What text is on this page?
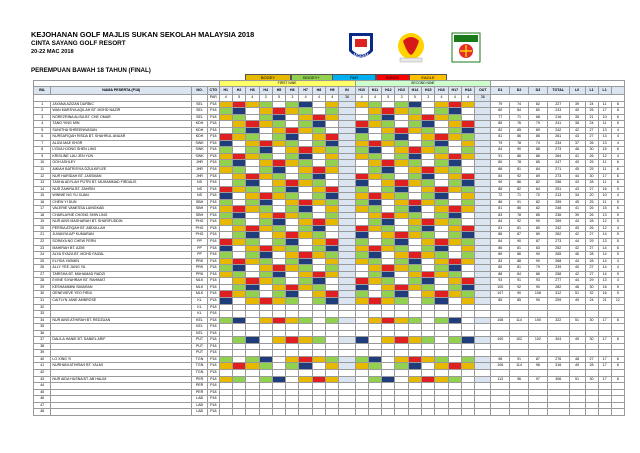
KEJOHANAN GOLF MAJLIS SUKAN SEKOLAH MALAYSIA 2018
CINTA SAYANG GOLF RESORT
20-22 MAC 2018
MSSM
PEREMPUAN BAWAH 18 TAHUN (FINAL)
BOGEY	BOGEY+	PAR	BIRDIE	EAGLE
				FIRST NINE										SECOND NINE																	
BIL	NAMA PESERTA (P18)	NO.	CTG	H1	H2	H3	H4	H5	H6	H7	H8	H9	IN	H10	H11	H12	H13	H14	H15	H16	H17	H18	OUT	D1	D2	D3	TOTAL	L0	L1	L1	
			PAR	4	5	4	3	5	3	4	4	4	36	4	4	5	3	5	3	4	4	4	36								
1	JAYANA AZIZAN DURBIC	SEL	P18																					79	74	82	227	39	24	11	6
2	WAN MARSYA AQILAH BT. MOHD NAZIR	SEL	P18																					80	84	80	243	40	25	17	8
3	NOREZRINA ALISA BT. CHE OMAR	SEL	P18																					77	71	68	216	35	21	10	6
4	TANG YING MIN	KDH	P18																					85	76	79	241	38	24	11	5
5	SUNITHA SHREENIVASAN	KDH	P18																					82	85	89	242	42	27	13	4
6	NURSAFIQAH RISDA BT. SHAHRUL ANUAR	KDH	P18																					81	86	86	261	43	27	13	4
7	ALIZA MAE KHOR	SWK	P18																					79	78	74	234	37	26	13	4
8	LYDIA HJONG SHEN LING	SWK	P18																					84	90	88	273	46	30	15	6
9	KRISLINE LAU JEN YUN	SWK	P18																					91	86	86	264	41	26	12	4
10	GOH ASHLEY	JHR	P18																					80	78	85	247	40	25	11	6
11	AIKIAH BATRISYIA DZULKIFLEE	JHR	P18																					88	81	84	271	45	25	11	6
12	NUR HARIDAH BT. JASSMAN	JHR	P18																					84	92	89	273	44	30	17	6
13	TASHA ADYLAH PUTRI BT. MUHAMMAD FIRDAUS	NS	P18																					90	86	82	256	43	28	11	6
14	NUR ZAHIRA BT. ZAHRIN	NS	P18																					85	82	84	251	43	27	16	5
15	WINNIE NG YU XUAN	NS	P18																					72	71	70	213	34	20	10	4
16	CHEW YI DUN	SBH	P18																					86	91	82	259	45	25	11	5
17	VALERIE VANESSA LAINGKAB	SBH	P18																					81	86	82	248	41	26	15	6
18	CHARLAYNE CHONG SHIN LING	SBH	P18																					83	78	85	236	39	26	13	5
19	NUR AINS MASHARAH BT. SHARIFUDDIN	PHG	P18																					84	92	90	269	44	28	12	5
20	PERSIA ATIQAH BT. ABDULLAH	PHG	P18																					81	81	80	242	40	26	12	4
21	JUVANYA A/P KUMARAN	PHG	P18																					86	87	89	262	42	27	14	5
22	SORAYA NG CHEW FERN	PP	P18																					84	90	87	273	44	29	13	5
23	MAHIRAH BT. AZMI	PP	P18																					86	81	83	252	42	27	14	6
24	ALYA SYAZA BT. MOHD FAIZAL	PP	P18																					89	86	90	265	46	28	14	5
25	ELYSIA YASMIN	PRK	P18																					83	88	90	268	44	28	14	4
26	ALLY YEE JUNG YA	PRK	P18																					80	81	79	239	40	27	14	4
27	TARISHA BT. MUHAMAD RADZI	PRK	P18																					88	84	86	258	42	27	14	5
28	EVINE SIYAHRAH BT. RAHIMAT	MLK	P18																					93	91	93	277	44	29	13	4
29	KESHAMMINI SIMARAN	MLK	P18																					100	92	90	282	46	30	16	5
30	GENEVIEVE YEO FIRUI	MLK	P18																					107	90	108	312	51	32	16	5
31	CAITLYN JANE AMBROSE	KL	P18																					85	85	90	259	49	24	21	12
32		KL	P18																												
33		KL	P18																												
34	NUR AINS ATHIRAH BT. REDZUAN	KEL	P18																					108	114	100	322	51	30	17	6
35		KEL	P18																												
36		KEL	P18																												
37	DALILA HANIE BT. DANIEL ARIF	PUT	P18																					100	102	102	304	49	30	17	6
38		PUT	P18																												
39		PUT	P18																												
40	LO XING YI	TGN	P18																					98	91	87	276	48	27	17	6
41	NURHANI ATHIRAH BT. YALMI	TGN	P18																					106	114	96	316	49	28	17	6
42		TGN	P18																												
43	NUR AIDA HUSNA BT. AB HALIM	PER	P18																					113	96	97	306	51	30	17	6
44		PER	P18																												
45		PER	P18																												
46		LAB	P18																												
47		LAB	P18																												
48		LAB	P18																												
